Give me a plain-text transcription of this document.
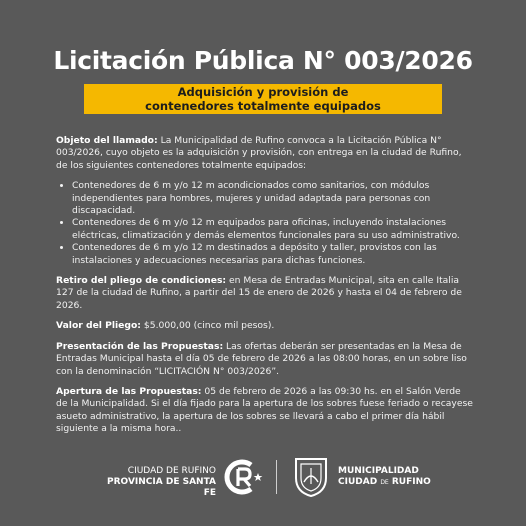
Licitación Pública N° 003/2026
Adquisición y provisión de
contenedores totalmente equipados

Objeto del llamado: La Municipalidad de Rufino convoca a la Licitación Pública N° 003/2026, cuyo objeto es la adquisición y provisión, con entrega en la ciudad de Rufino, de los siguientes contenedores totalmente equipados:

• Contenedores de 6 m y/o 12 m acondicionados como sanitarios, con módulos independientes para hombres, mujeres y unidad adaptada para personas con discapacidad.
• Contenedores de 6 m y/o 12 m equipados para oficinas, incluyendo instalaciones eléctricas, climatización y demás elementos funcionales para su uso administrativo.
• Contenedores de 6 m y/o 12 m destinados a depósito y taller, provistos con las instalaciones y adecuaciones necesarias para dichas funciones.

Retiro del pliego de condiciones: en Mesa de Entradas Municipal, sita en calle Italia 127 de la ciudad de Rufino, a partir del 15 de enero de 2026 y hasta el 04 de febrero de 2026.

Valor del Pliego: $5.000,00 (cinco mil pesos).

Presentación de las Propuestas: Las ofertas deberán ser presentadas en la Mesa de Entradas Municipal hasta el día 05 de febrero de 2026 a las 08:00 horas, en un sobre liso con la denominación “LICITACIÓN N° 003/2026”.

Apertura de las Propuestas: 05 de febrero de 2026 a las 09:30 hs. en el Salón Verde de la Municipalidad. Si el día fijado para la apertura de los sobres fuese feriado o recayese asueto administrativo, la apertura de los sobres se llevará a cabo el primer día hábil siguiente a la misma hora..

CIUDAD DE RUFINO
PROVINCIA DE SANTA FE
MUNICIPALIDAD
CIUDAD DE RUFINO
